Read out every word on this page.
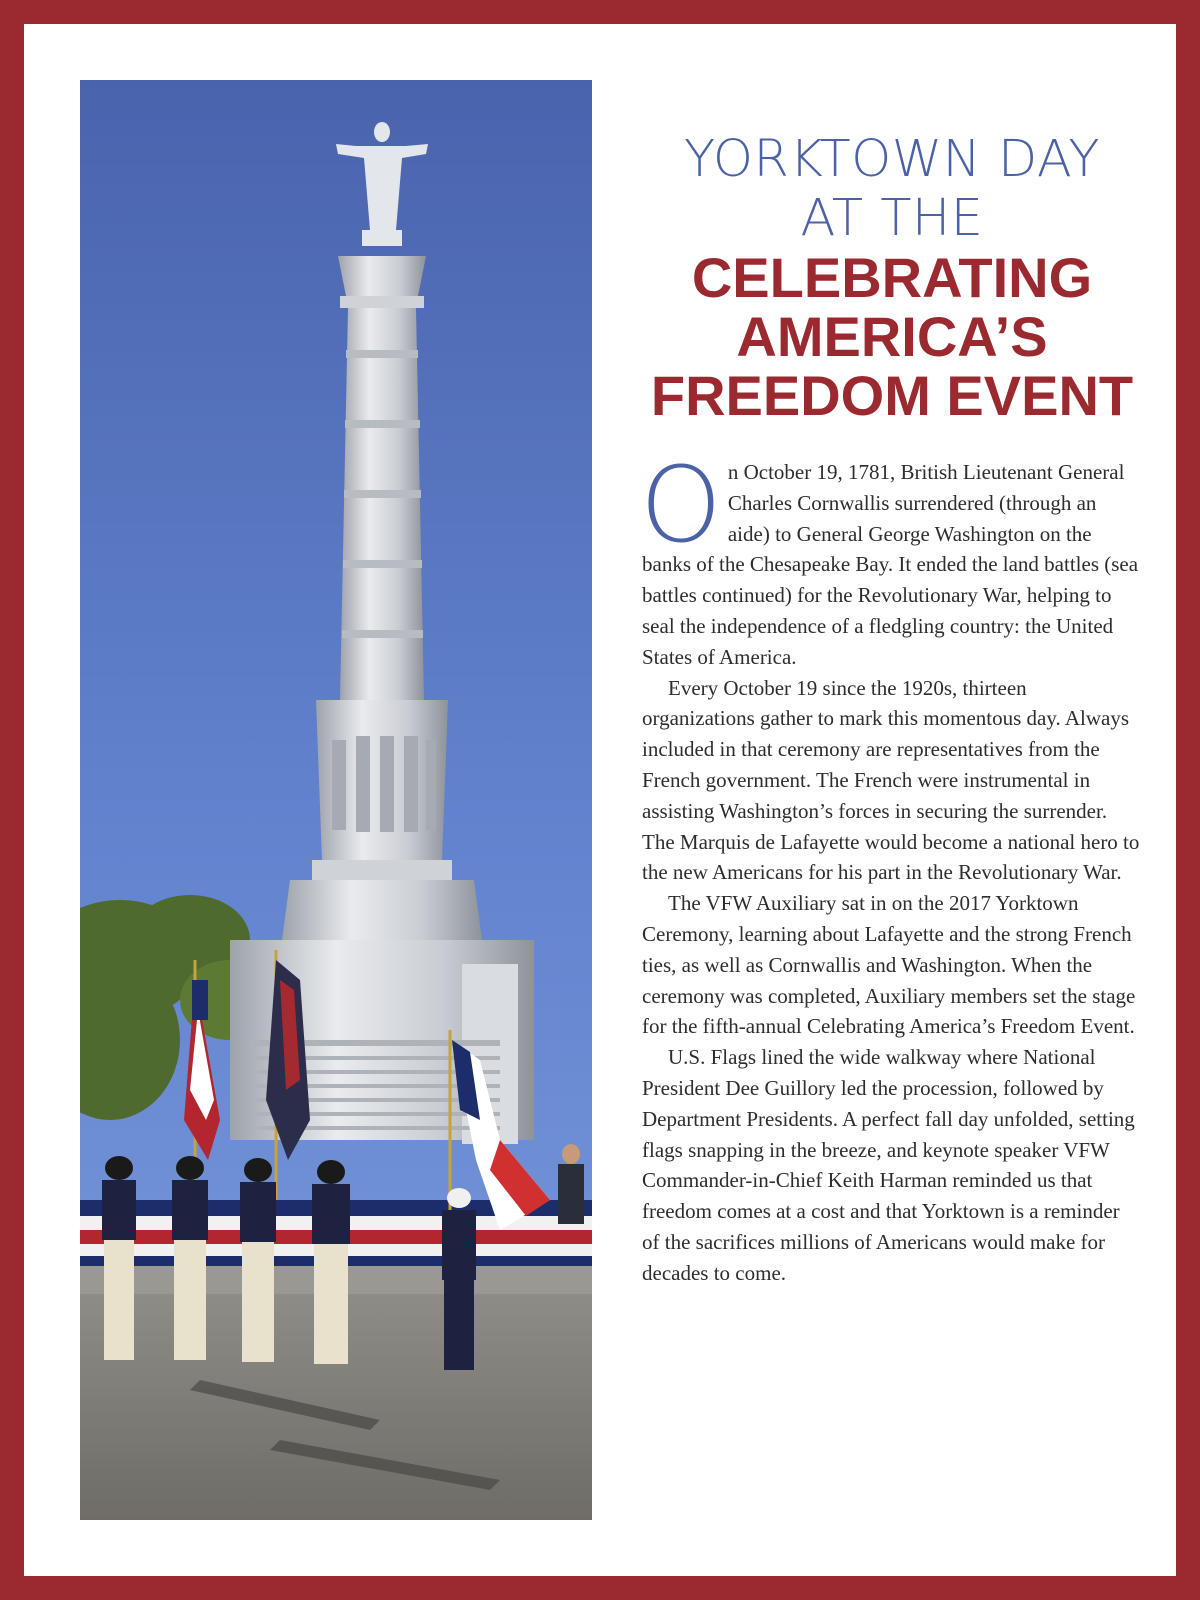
YORKTOWN DAY
AT THE
CELEBRATING
AMERICA’S
FREEDOM EVENT

On October 19, 1781, British Lieutenant General Charles Cornwallis surrendered (through an aide) to General George Washington on the banks of the Chesapeake Bay. It ended the land battles (sea battles continued) for the Revolutionary War, helping to seal the independence of a fledgling country: the United States of America.

Every October 19 since the 1920s, thirteen organizations gather to mark this momentous day. Always included in that ceremony are representatives from the French government. The French were instrumental in assisting Washington’s forces in securing the surrender. The Marquis de Lafayette would become a national hero to the new Americans for his part in the Revolutionary War.

The VFW Auxiliary sat in on the 2017 Yorktown Ceremony, learning about Lafayette and the strong French ties, as well as Cornwallis and Washington. When the ceremony was completed, Auxiliary members set the stage for the fifth-annual Celebrating America’s Freedom Event.

U.S. Flags lined the wide walkway where National President Dee Guillory led the procession, followed by Department Presidents. A perfect fall day unfolded, setting flags snapping in the breeze, and keynote speaker VFW Commander-in-Chief Keith Harman reminded us that freedom comes at a cost and that Yorktown is a reminder of the sacrifices millions of Americans would make for decades to come.
